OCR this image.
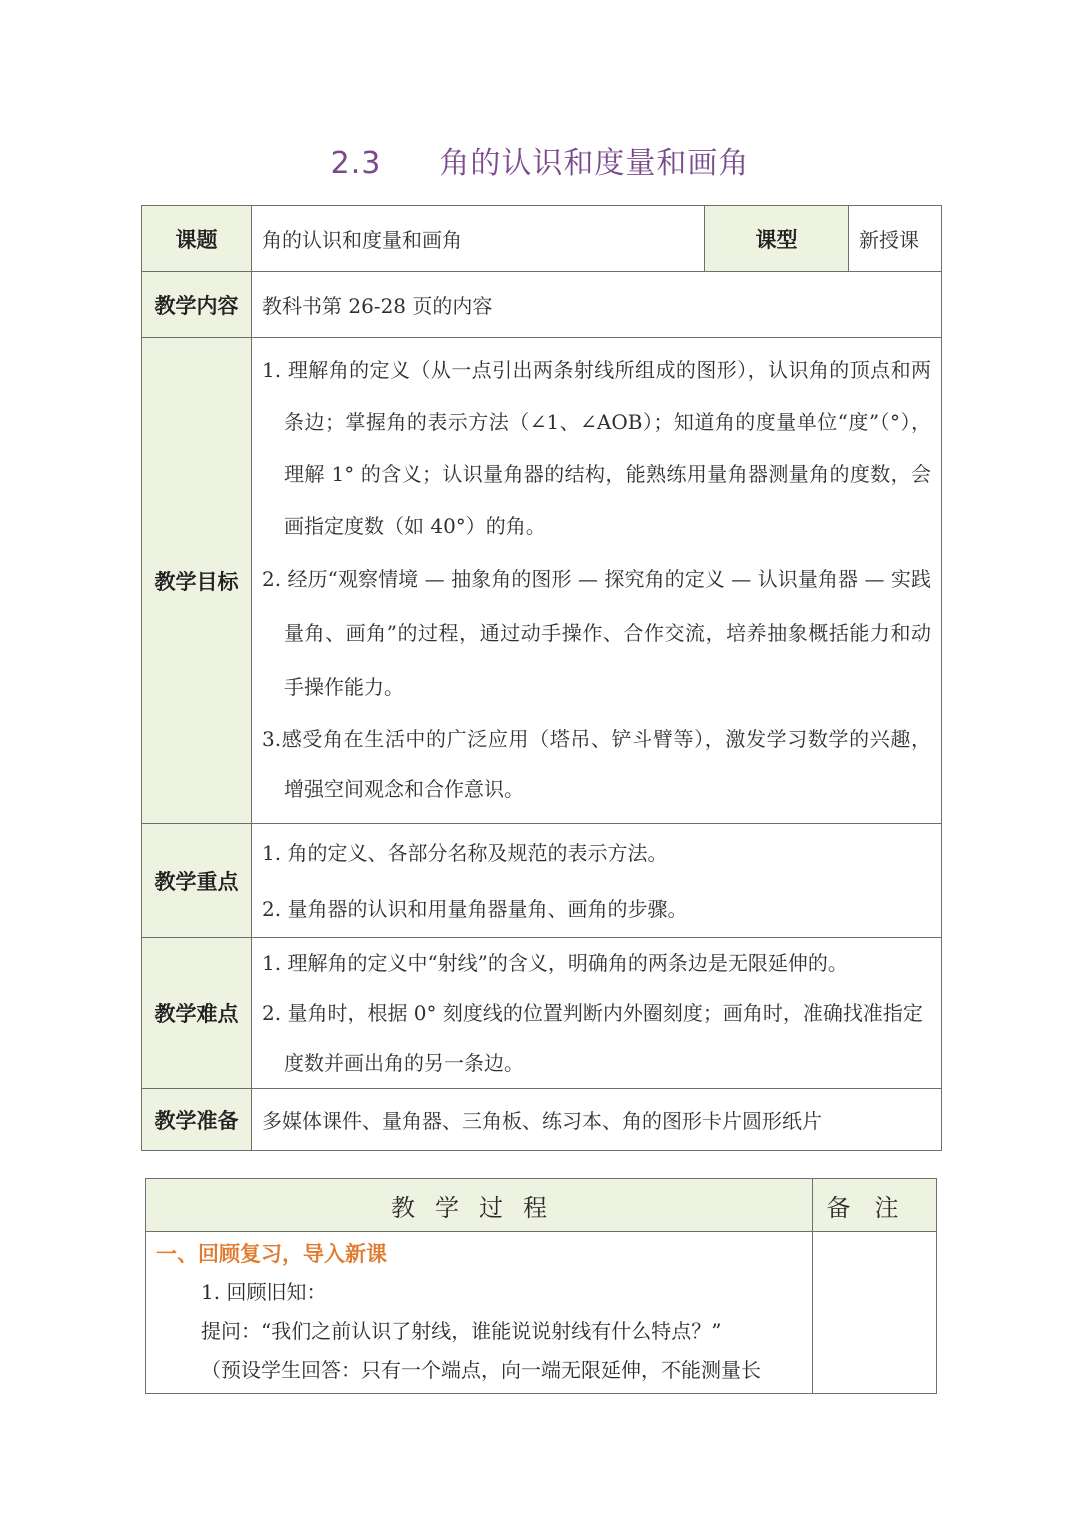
2.3 角的认识和度量和画角
课题	角的认识和度量和画角	课型	新授课
教学内容	教科书第 26-28 页的内容		
教学目标	1. 理解角的定义（从一点引出两条射线所组成的图形），认识角的顶点和两条边；掌握角的表示方法（∠1、∠AOB）；知道角的度量单位“度”（°），理解 1° 的含义；认识量角器的结构，能熟练用量角器测量角的度数，会画指定度数（如 40°）的角。

2. 经历“观察情境 — 抽象角的图形 — 探究角的定义 — 认识量角器 — 实践量角、画角”的过程，通过动手操作、合作交流，培养抽象概括能力和动手操作能力。

3.感受角在生活中的广泛应用（塔吊、铲斗臂等），激发学习数学的兴趣，增强空间观念和合作意识。		

教学重点	1. 角的定义、各部分名称及规范的表示方法。

2. 量角器的认识和用量角器量角、画角的步骤。		

教学难点	1. 理解角的定义中“射线”的含义，明确角的两条边是无限延伸的。

2. 量角时，根据 0° 刻度线的位置判断内外圈刻度；画角时，准确找准指定度数并画出角的另一条边。		

教学准备	多媒体课件、量角器、三角板、练习本、角的图形卡片圆形纸片		
教学过程	备注

一、回顾复习，导入新课

1. 回顾旧知：

提问：“我们之前认识了射线，谁能说说射线有什么特点？”

（预设学生回答：只有一个端点，向一端无限延伸，不能测量长	
